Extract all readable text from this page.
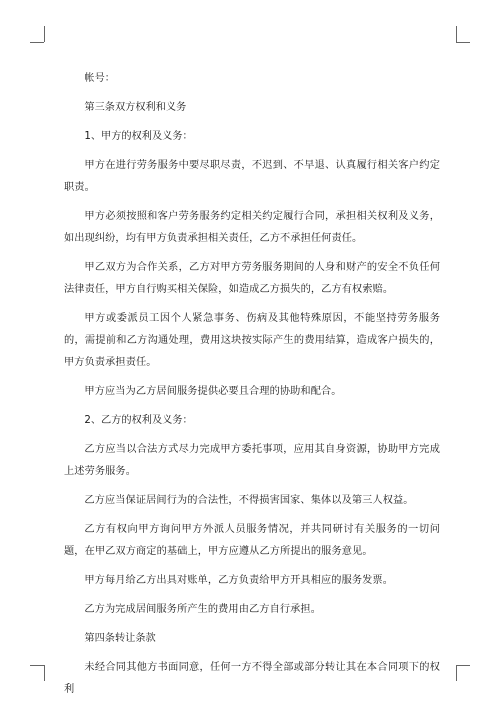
帐号：

第三条双方权利和义务

1、甲方的权利及义务：

甲方在进行劳务服务中要尽职尽责，不迟到、不早退、认真履行相关客户约定职责。

甲方必须按照和客户劳务服务约定相关约定履行合同，承担相关权利及义务，如出现纠纷，均有甲方负责承担相关责任，乙方不承担任何责任。

甲乙双方为合作关系，乙方对甲方劳务服务期间的人身和财产的安全不负任何法律责任，甲方自行购买相关保险，如造成乙方损失的，乙方有权索赔。

甲方或委派员工因个人紧急事务、伤病及其他特殊原因，不能坚持劳务服务的，需提前和乙方沟通处理，费用这块按实际产生的费用结算，造成客户损失的，甲方负责承担责任。

甲方应当为乙方居间服务提供必要且合理的协助和配合。

2、乙方的权利及义务：

乙方应当以合法方式尽力完成甲方委托事项，应用其自身资源，协助甲方完成上述劳务服务。

乙方应当保证居间行为的合法性，不得损害国家、集体以及第三人权益。

乙方有权向甲方询问甲方外派人员服务情况，并共同研讨有关服务的一切问题，在甲乙双方商定的基础上，甲方应遵从乙方所提出的服务意见。

甲方每月给乙方出具对账单，乙方负责给甲方开具相应的服务发票。

乙方为完成居间服务所产生的费用由乙方自行承担。

第四条转让条款

未经合同其他方书面同意，任何一方不得全部或部分转让其在本合同项下的权利
